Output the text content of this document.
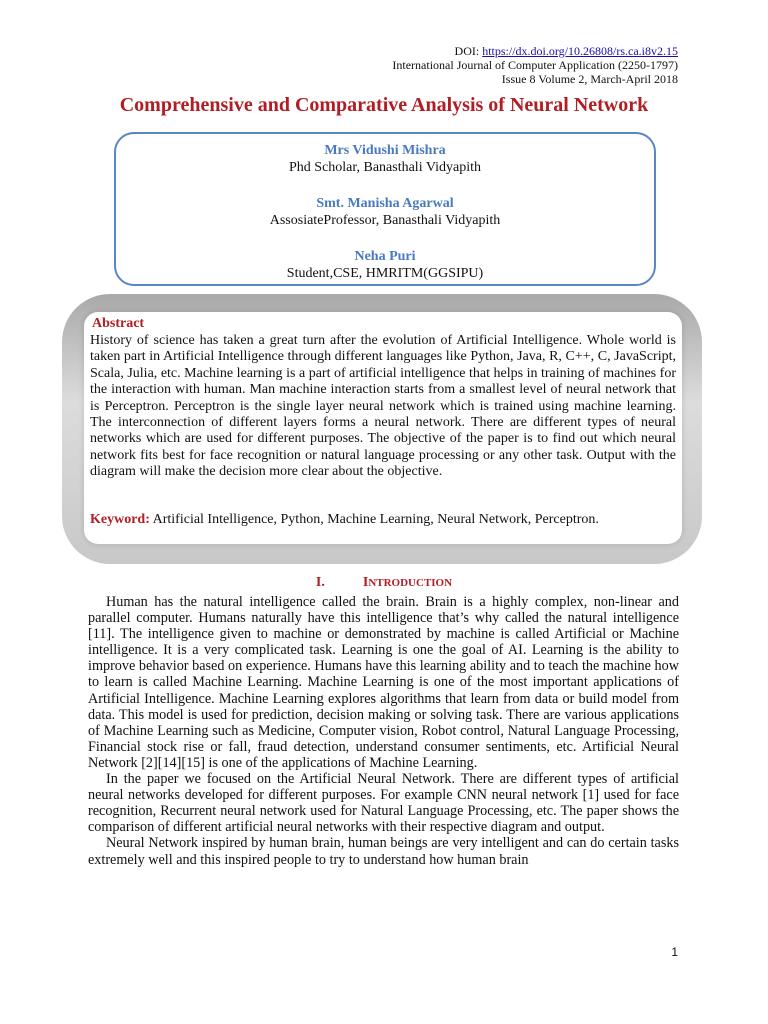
DOI: https://dx.doi.org/10.26808/rs.ca.i8v2.15
International Journal of Computer Application (2250-1797)
Issue 8 Volume 2, March-April 2018
Comprehensive and Comparative Analysis of Neural Network
Mrs Vidushi Mishra
Phd Scholar, Banasthali Vidyapith
Smt. Manisha Agarwal
AssosiateProfessor, Banasthali Vidyapith
Neha Puri
Student,CSE, HMRITM(GGSIPU)
Abstract
History of science has taken a great turn after the evolution of Artificial Intelligence. Whole world is taken part in Artificial Intelligence through different languages like Python, Java, R, C++, C, JavaScript, Scala, Julia, etc. Machine learning is a part of artificial intelligence that helps in training of machines for the interaction with human. Man machine interaction starts from a smallest level of neural network that is Perceptron. Perceptron is the single layer neural network which is trained using machine learning. The interconnection of different layers forms a neural network. There are different types of neural networks which are used for different purposes. The objective of the paper is to find out which neural network fits best for face recognition or natural language processing or any other task. Output with the diagram will make the decision more clear about the objective.
Keyword: Artificial Intelligence, Python, Machine Learning, Neural Network, Perceptron.
I.	INTRODUCTION

Human has the natural intelligence called the brain. Brain is a highly complex, non-linear and parallel computer. Humans naturally have this intelligence that’s why called the natural intelligence [11]. The intelligence given to machine or demonstrated by machine is called Artificial or Machine intelligence. It is a very complicated task. Learning is one the goal of AI. Learning is the ability to improve behavior based on experience. Humans have this learning ability and to teach the machine how to learn is called Machine Learning. Machine Learning is one of the most important applications of Artificial Intelligence. Machine Learning explores algorithms that learn from data or build model from data. This model is used for prediction, decision making or solving task. There are various applications of Machine Learning such as Medicine, Computer vision, Robot control, Natural Language Processing, Financial stock rise or fall, fraud detection, understand consumer sentiments, etc. Artificial Neural Network [2][14][15] is one of the applications of Machine Learning.

In the paper we focused on the Artificial Neural Network. There are different types of artificial neural networks developed for different purposes. For example CNN neural network [1] used for face recognition, Recurrent neural network used for Natural Language Processing, etc. The paper shows the comparison of different artificial neural networks with their respective diagram and output.

Neural Network inspired by human brain, human beings are very intelligent and can do certain tasks extremely well and this inspired people to try to understand how human brain

1
